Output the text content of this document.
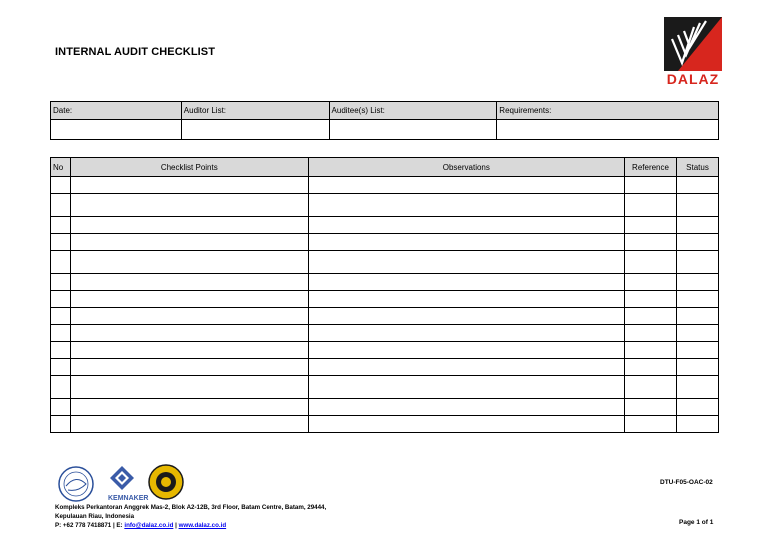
INTERNAL AUDIT CHECKLIST
DALAZ
Date:	Auditor List:	Auditee(s) List:	Requirements:

No	Checklist Points	Observations	Reference	Status

KEMNAKER
Kompleks Perkantoran Anggrek Mas-2, Blok A2-12B, 3rd Floor, Batam Centre, Batam, 29444,
Kepulauan Riau, Indonesia
P: +62 778 7418871 | E: info@dalaz.co.id | www.dalaz.co.id
DTU-F05-OAC-02
Page 1 of 1
